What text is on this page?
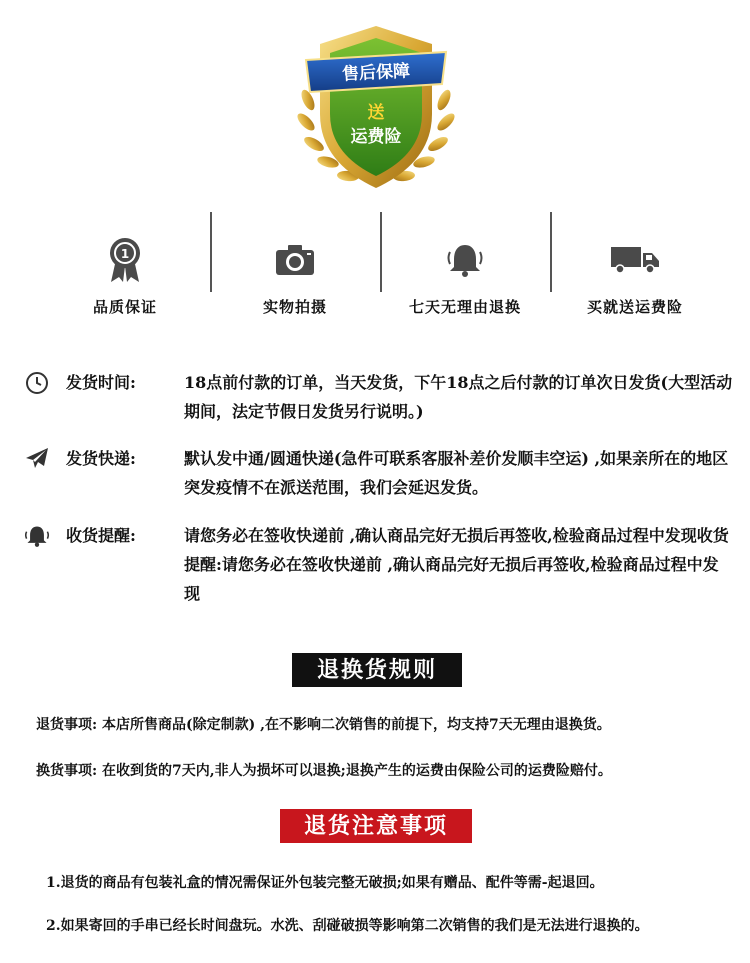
售后保障
送
运费险
1
品质保证	实物拍摄	七天无理由退换	买就送运费险
发货时间:	18点前付款的订单，当天发货，下午18点之后付款的订单次日发货(大型活动期间，法定节假日发货另行说明。)
发货快递:	默认发中通/圆通快递(急件可联系客服补差价发顺丰空运) ,如果亲所在的地区突发疫情不在派送范围，我们会延迟发货。
收货提醒:	请您务必在签收快递前 ,确认商品完好无损后再签收,检验商品过程中发现收货提醒:请您务必在签收快递前 ,确认商品完好无损后再签收,检验商品过程中发现
退换货规则
退货事项: 本店所售商品(除定制款) ,在不影响二次销售的前提下，均支持7天无理由退换货。
换货事项: 在收到货的7天内,非人为损坏可以退换;退换产生的运费由保险公司的运费险赔付。
退货注意事项
1.退货的商品有包装礼盒的情况需保证外包装完整无破损;如果有赠品、配件等需-起退回。
2.如果寄回的手串已经长时间盘玩。水洗、刮碰破损等影响第二次销售的我们是无法进行退换的。
